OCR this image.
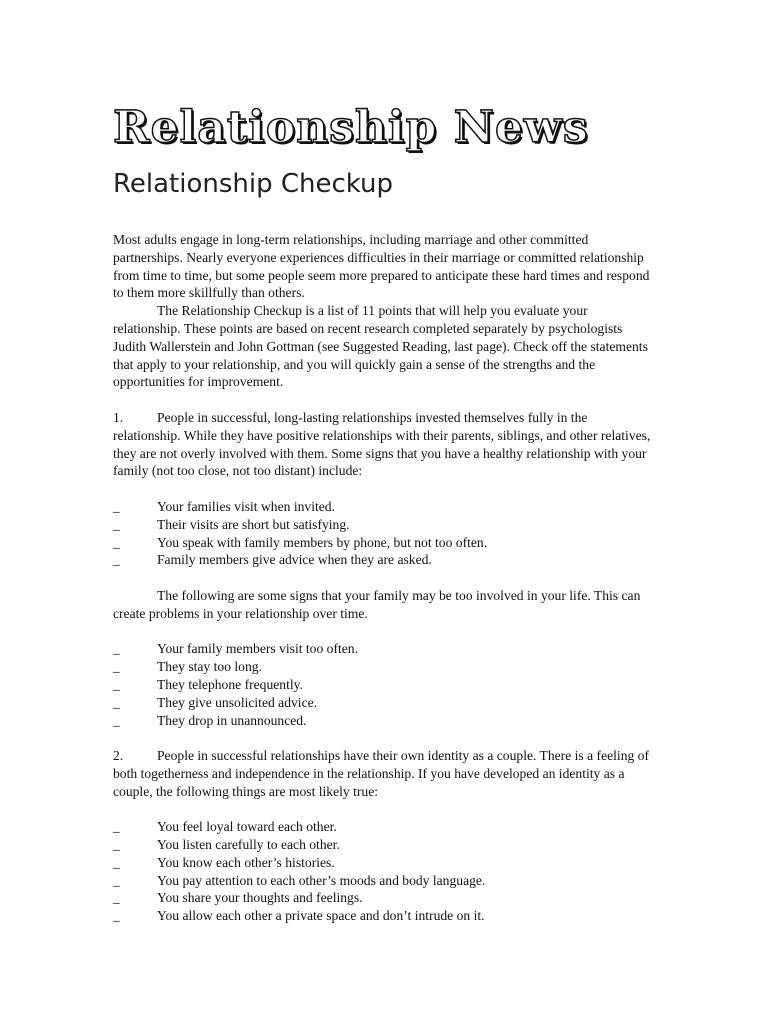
Relationship News
Relationship Checkup

Most adults engage in long-term relationships, including marriage and other committed partnerships. Nearly everyone experiences difficulties in their marriage or committed relationship from time to time, but some people seem more prepared to anticipate these hard times and respond to them more skillfully than others.

The Relationship Checkup is a list of 11 points that will help you evaluate your relationship. These points are based on recent research completed separately by psychologists Judith Wallerstein and John Gottman (see Suggested Reading, last page). Check off the statements that apply to your relationship, and you will quickly gain a sense of the strengths and the opportunities for improvement.

1. People in successful, long-lasting relationships invested themselves fully in the relationship. While they have positive relationships with their parents, siblings, and other relatives, they are not overly involved with them. Some signs that you have a healthy relationship with your family (not too close, not too distant) include:

_	Your families visit when invited.
_	Their visits are short but satisfying.
_	You speak with family members by phone, but not too often.
_	Family members give advice when they are asked.

The following are some signs that your family may be too involved in your life. This can create problems in your relationship over time.

_	Your family members visit too often.
_	They stay too long.
_	They telephone frequently.
_	They give unsolicited advice.
_	They drop in unannounced.

2. People in successful relationships have their own identity as a couple. There is a feeling of both togetherness and independence in the relationship. If you have developed an identity as a couple, the following things are most likely true:

_	You feel loyal toward each other.
_	You listen carefully to each other.
_	You know each other’s histories.
_	You pay attention to each other’s moods and body language.
_	You share your thoughts and feelings.
_	You allow each other a private space and don’t intrude on it.
